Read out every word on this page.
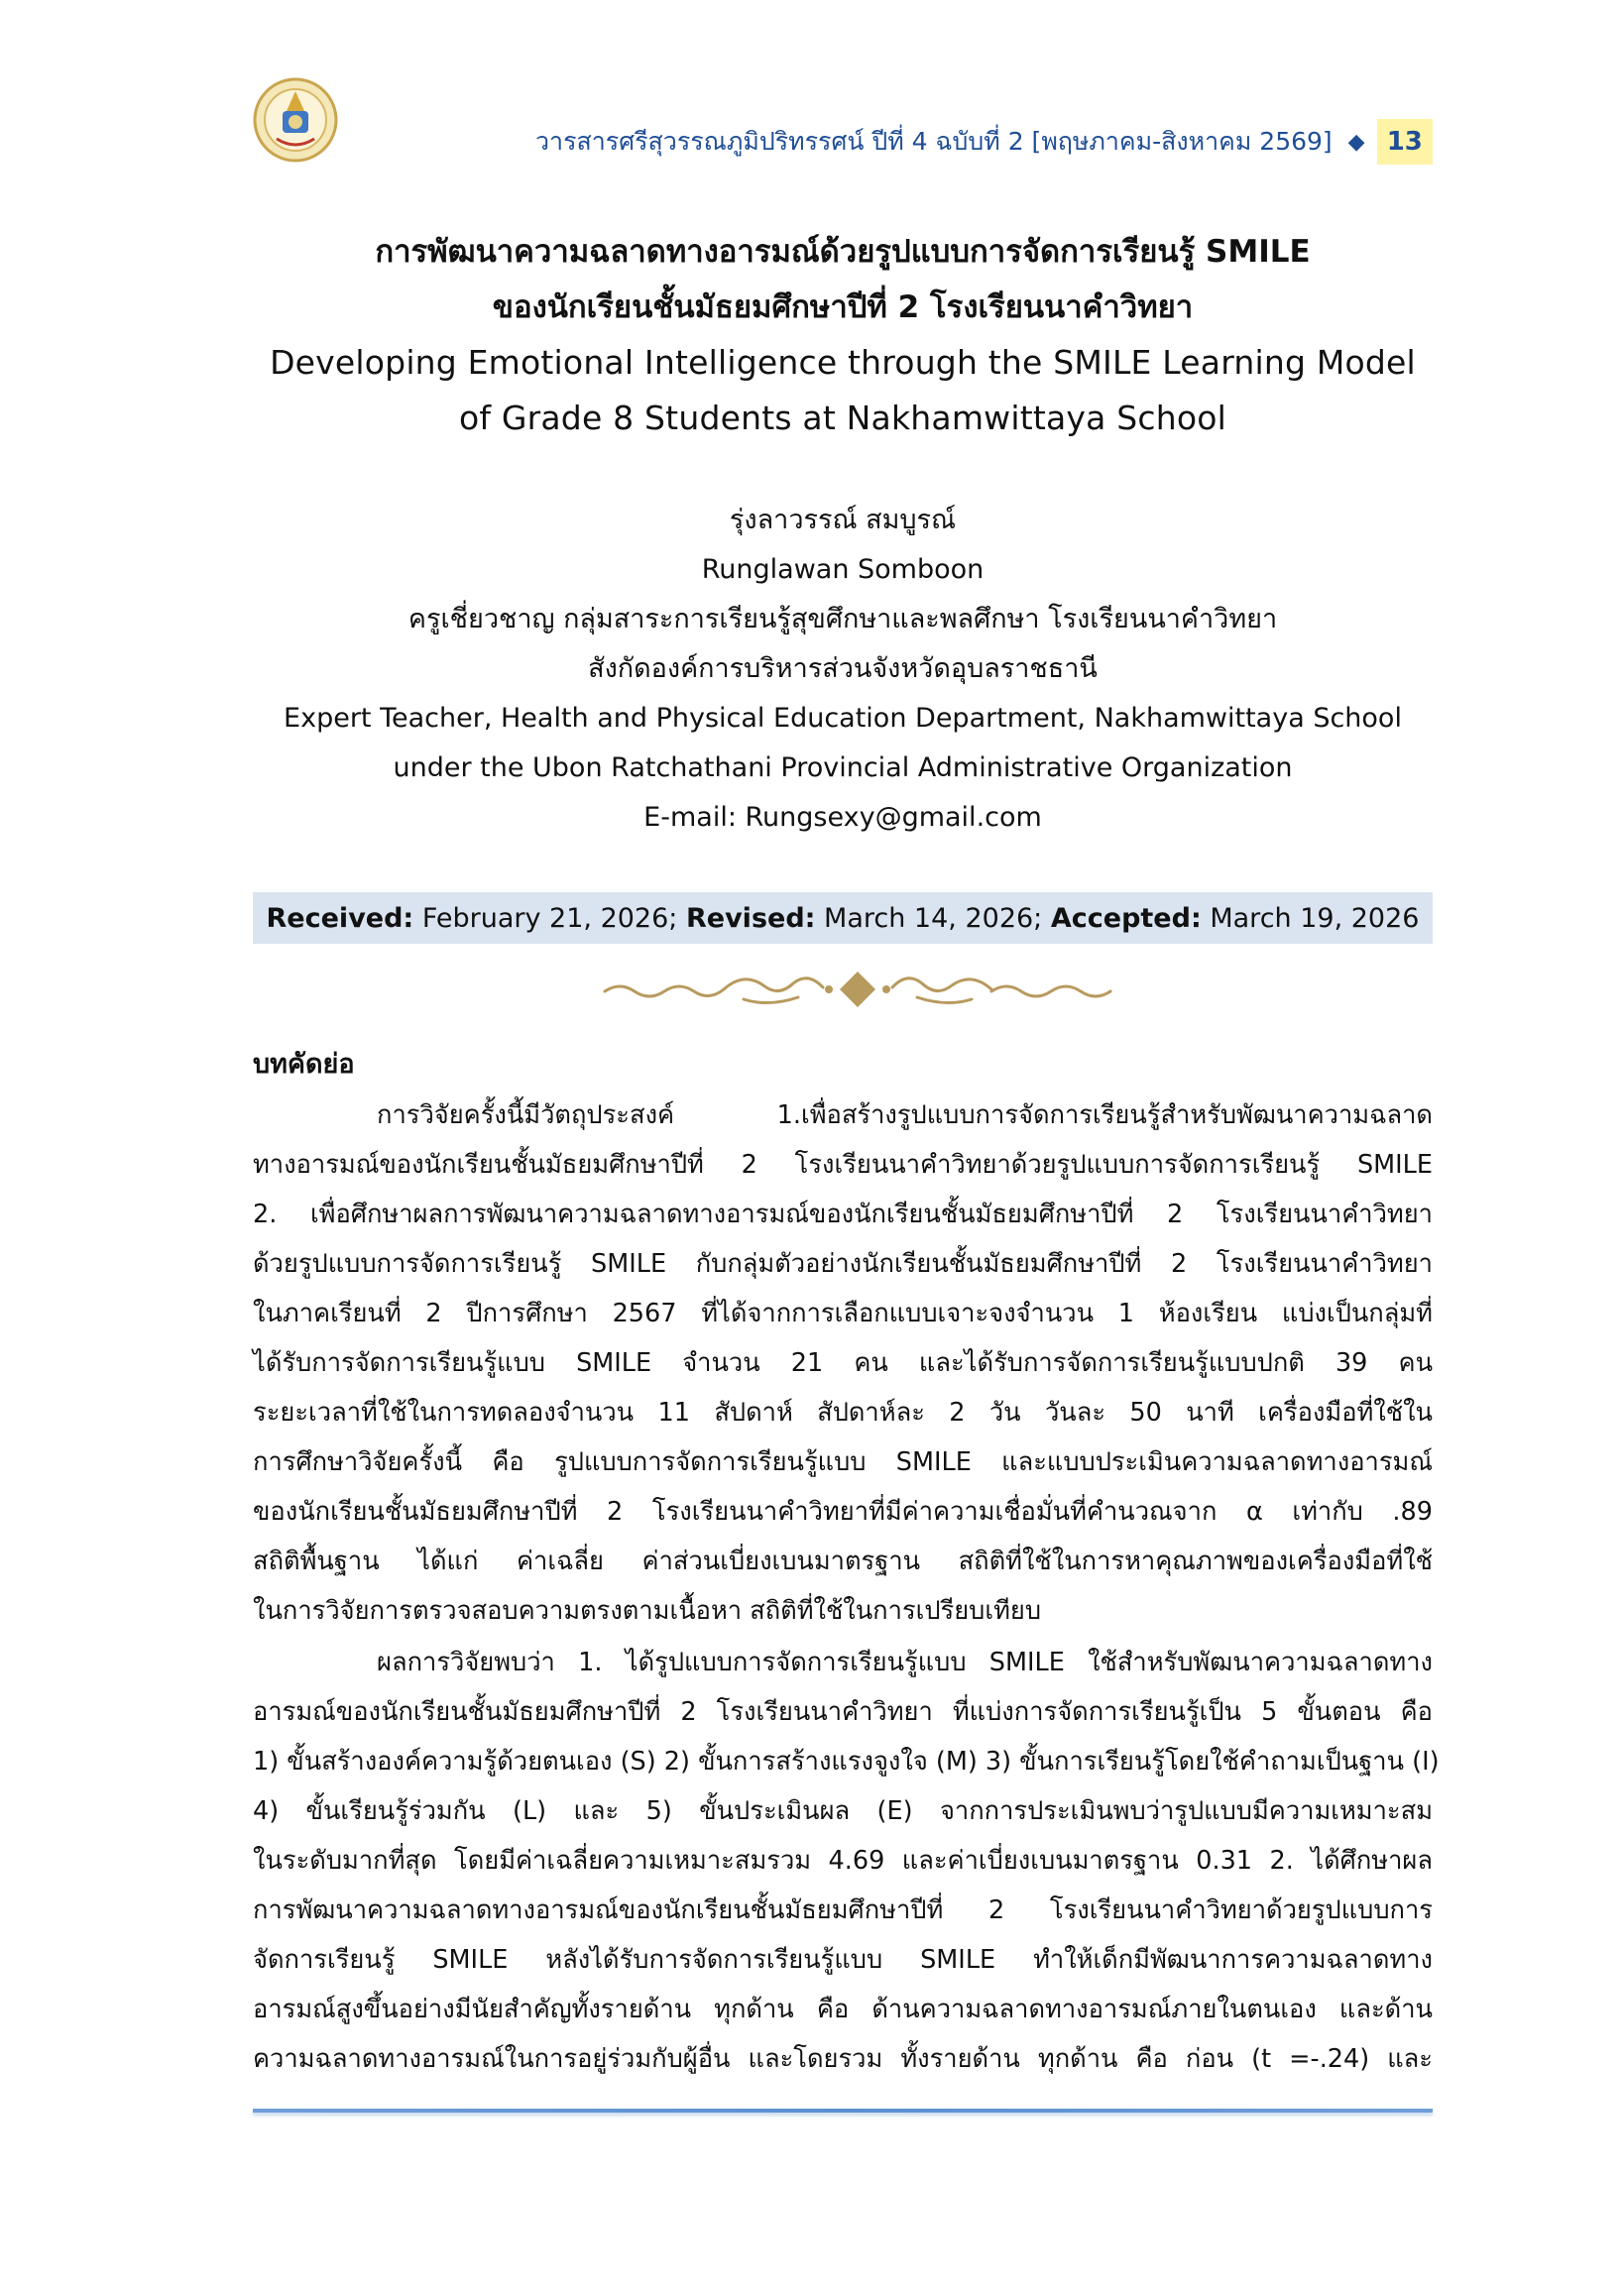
วารสารศรีสุวรรณภูมิปริทรรศน์ ปีที่ 4 ฉบับที่ 2 [พฤษภาคม-สิงหาคม 2569] ◆ 13
การพัฒนาความฉลาดทางอารมณ์ด้วยรูปแบบการจัดการเรียนรู้ SMILE
ของนักเรียนชั้นมัธยมศึกษาปีที่ 2 โรงเรียนนาคำวิทยา
Developing Emotional Intelligence through the SMILE Learning Model
of Grade 8 Students at Nakhamwittaya School
รุ่งลาวรรณ์ สมบูรณ์
Runglawan Somboon
ครูเชี่ยวชาญ กลุ่มสาระการเรียนรู้สุขศึกษาและพลศึกษา โรงเรียนนาคำวิทยา
สังกัดองค์การบริหารส่วนจังหวัดอุบลราชธานี
Expert Teacher, Health and Physical Education Department, Nakhamwittaya School
under the Ubon Ratchathani Provincial Administrative Organization
E-mail: Rungsexy@gmail.com
Received:
February 21, 2026;
Revised:
March 14, 2026;
Accepted:
March 19, 2026
บทคัดย่อ
การวิจัยครั้งนี้มีวัตถุประสงค์ 1.เพื่อสร้างรูปแบบการจัดการเรียนรู้สำหรับพัฒนาความฉลาด
ทางอารมณ์ของนักเรียนชั้นมัธยมศึกษาปีที่ 2 โรงเรียนนาคำวิทยาด้วยรูปแบบการจัดการเรียนรู้ SMILE
2. เพื่อศึกษาผลการพัฒนาความฉลาดทางอารมณ์ของนักเรียนชั้นมัธยมศึกษาปีที่ 2 โรงเรียนนาคำวิทยา
ด้วยรูปแบบการจัดการเรียนรู้ SMILE กับกลุ่มตัวอย่างนักเรียนชั้นมัธยมศึกษาปีที่ 2 โรงเรียนนาคำวิทยา
ในภาคเรียนที่ 2 ปีการศึกษา 2567 ที่ได้จากการเลือกแบบเจาะจงจำนวน 1 ห้องเรียน แบ่งเป็นกลุ่มที่
ได้รับการจัดการเรียนรู้แบบ SMILE จำนวน 21 คน และได้รับการจัดการเรียนรู้แบบปกติ 39 คน
ระยะเวลาที่ใช้ในการทดลองจำนวน 11 สัปดาห์ สัปดาห์ละ 2 วัน วันละ 50 นาที เครื่องมือที่ใช้ใน
การศึกษาวิจัยครั้งนี้ คือ รูปแบบการจัดการเรียนรู้แบบ SMILE และแบบประเมินความฉลาดทางอารมณ์
ของนักเรียนชั้นมัธยมศึกษาปีที่ 2 โรงเรียนนาคำวิทยาที่มีค่าความเชื่อมั่นที่คำนวณจาก α เท่ากับ .89
สถิติพื้นฐาน ได้แก่ ค่าเฉลี่ย ค่าส่วนเบี่ยงเบนมาตรฐาน สถิติที่ใช้ในการหาคุณภาพของเครื่องมือที่ใช้
ในการวิจัยการตรวจสอบความตรงตามเนื้อหา สถิติที่ใช้ในการเปรียบเทียบ
ผลการวิจัยพบว่า 1. ได้รูปแบบการจัดการเรียนรู้แบบ SMILE ใช้สำหรับพัฒนาความฉลาดทาง
อารมณ์ของนักเรียนชั้นมัธยมศึกษาปีที่ 2 โรงเรียนนาคำวิทยา ที่แบ่งการจัดการเรียนรู้เป็น 5 ขั้นตอน คือ
1) ขั้นสร้างองค์ความรู้ด้วยตนเอง (S) 2) ขั้นการสร้างแรงจูงใจ (M) 3) ขั้นการเรียนรู้โดยใช้คำถามเป็นฐาน (I)
4) ขั้นเรียนรู้ร่วมกัน (L) และ 5) ขั้นประเมินผล (E) จากการประเมินพบว่ารูปแบบมีความเหมาะสม
ในระดับมากที่สุด โดยมีค่าเฉลี่ยความเหมาะสมรวม 4.69 และค่าเบี่ยงเบนมาตรฐาน 0.31 2. ได้ศึกษาผล
การพัฒนาความฉลาดทางอารมณ์ของนักเรียนชั้นมัธยมศึกษาปีที่ 2 โรงเรียนนาคำวิทยาด้วยรูปแบบการ
จัดการเรียนรู้ SMILE หลังได้รับการจัดการเรียนรู้แบบ SMILE ทำให้เด็กมีพัฒนาการความฉลาดทาง
อารมณ์สูงขึ้นอย่างมีนัยสำคัญทั้งรายด้าน ทุกด้าน คือ ด้านความฉลาดทางอารมณ์ภายในตนเอง และด้าน
ความฉลาดทางอารมณ์ในการอยู่ร่วมกับผู้อื่น และโดยรวม ทั้งรายด้าน ทุกด้าน คือ ก่อน (t =-.24) และ
